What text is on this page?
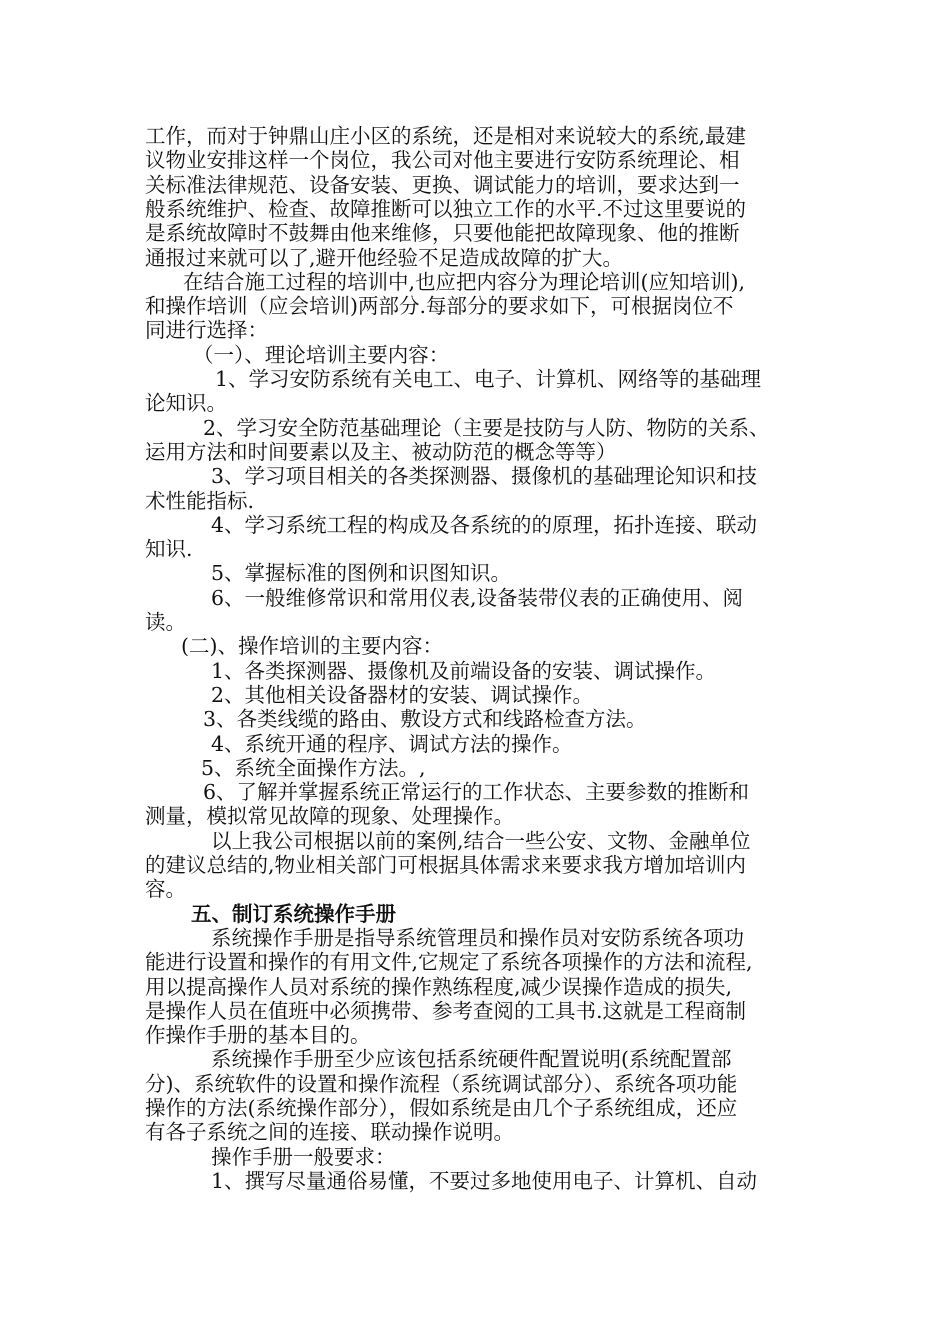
工作，而对于钟鼎山庄小区的系统，还是相对来说较大的系统,最建
议物业安排这样一个岗位，我公司对他主要进行安防系统理论、相
关标准法律规范、设备安装、更换、调试能力的培训，要求达到一
般系统维护、检查、故障推断可以独立工作的水平.不过这里要说的
是系统故障时不鼓舞由他来维修，只要他能把故障现象、他的推断
通报过来就可以了,避开他经验不足造成故障的扩大。
在结合施工过程的培训中,也应把内容分为理论培训(应知培训),
和操作培训（应会培训)两部分.每部分的要求如下，可根据岗位不
同进行选择：
（一）、理论培训主要内容：
1、学习安防系统有关电工、电子、计算机、网络等的基础理
论知识。
2、学习安全防范基础理论（主要是技防与人防、物防的关系、
运用方法和时间要素以及主、被动防范的概念等等）
3、学习项目相关的各类探测器、摄像机的基础理论知识和技
术性能指标.
4、学习系统工程的构成及各系统的的原理，拓扑连接、联动
知识.
5、掌握标准的图例和识图知识。
6、一般维修常识和常用仪表,设备装带仪表的正确使用、阅
读。
(二)、操作培训的主要内容：
1、各类探测器、摄像机及前端设备的安装、调试操作。
2、其他相关设备器材的安装、调试操作。
3、各类线缆的路由、敷设方式和线路检查方法。
4、系统开通的程序、调试方法的操作。
5、系统全面操作方法。,
6、了解并掌握系统正常运行的工作状态、主要参数的推断和
测量，模拟常见故障的现象、处理操作。
以上我公司根据以前的案例,结合一些公安、文物、金融单位
的建议总结的,物业相关部门可根据具体需求来要求我方增加培训内
容。
五、制订系统操作手册
系统操作手册是指导系统管理员和操作员对安防系统各项功
能进行设置和操作的有用文件,它规定了系统各项操作的方法和流程,
用以提高操作人员对系统的操作熟练程度,减少误操作造成的损失,
是操作人员在值班中必须携带、参考查阅的工具书.这就是工程商制
作操作手册的基本目的。
系统操作手册至少应该包括系统硬件配置说明(系统配置部
分)、系统软件的设置和操作流程（系统调试部分）、系统各项功能
操作的方法(系统操作部分），假如系统是由几个子系统组成，还应
有各子系统之间的连接、联动操作说明。
操作手册一般要求：
1、撰写尽量通俗易懂，不要过多地使用电子、计算机、自动
